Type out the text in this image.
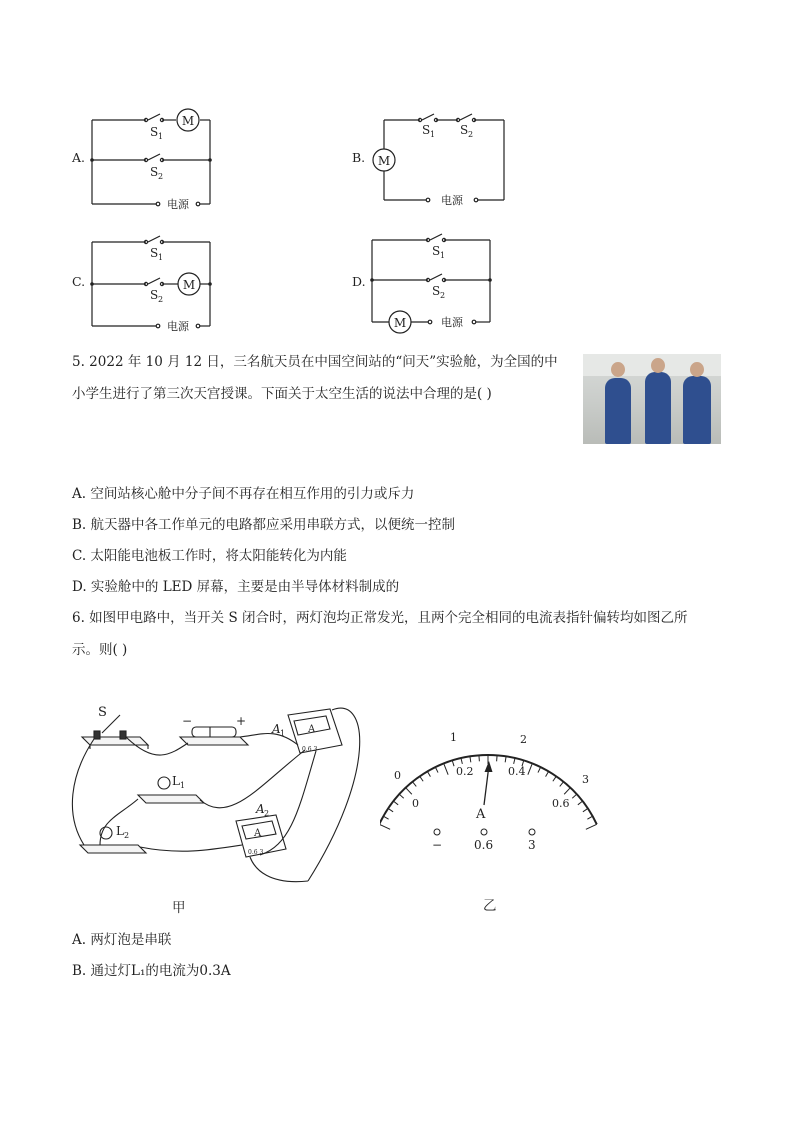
A.
M
S 1
S 2
电源
B. M
S 1 S 2
电源
C.	M
S 1
S 2
电源
D.
M
S 1
S 2
电源
5. 2022 年 10 月 12 日，三名航天员在中国空间站的“问天”实验舱，为全国的中
小学生进行了第三次天宫授课。下面关于太空生活的说法中合理的是( )
A. 空间站核心舱中分子间不再存在相互作用的引力或斥力
B. 航天器中各工作单元的电路都应采用串联方式，以便统一控制
C. 太阳能电池板工作时，将太阳能转化为内能
D. 实验舱中的 LED 屏幕，主要是由半导体材料制成的
6. 如图甲电路中，当开关 S 闭合时，两灯泡均正常发光，且两个完全相同的电流表指针偏转均如图乙所
示。则( )
S
−	+
A 1 A
0.6 3
L 1
A 2
A
0.6 3
L 2
甲
0
1	2
3
0
0.2	0.4
0.6
A
−	0.6	3
乙
A. 两灯泡是串联
B. 通过灯L₁的电流为0.3A
